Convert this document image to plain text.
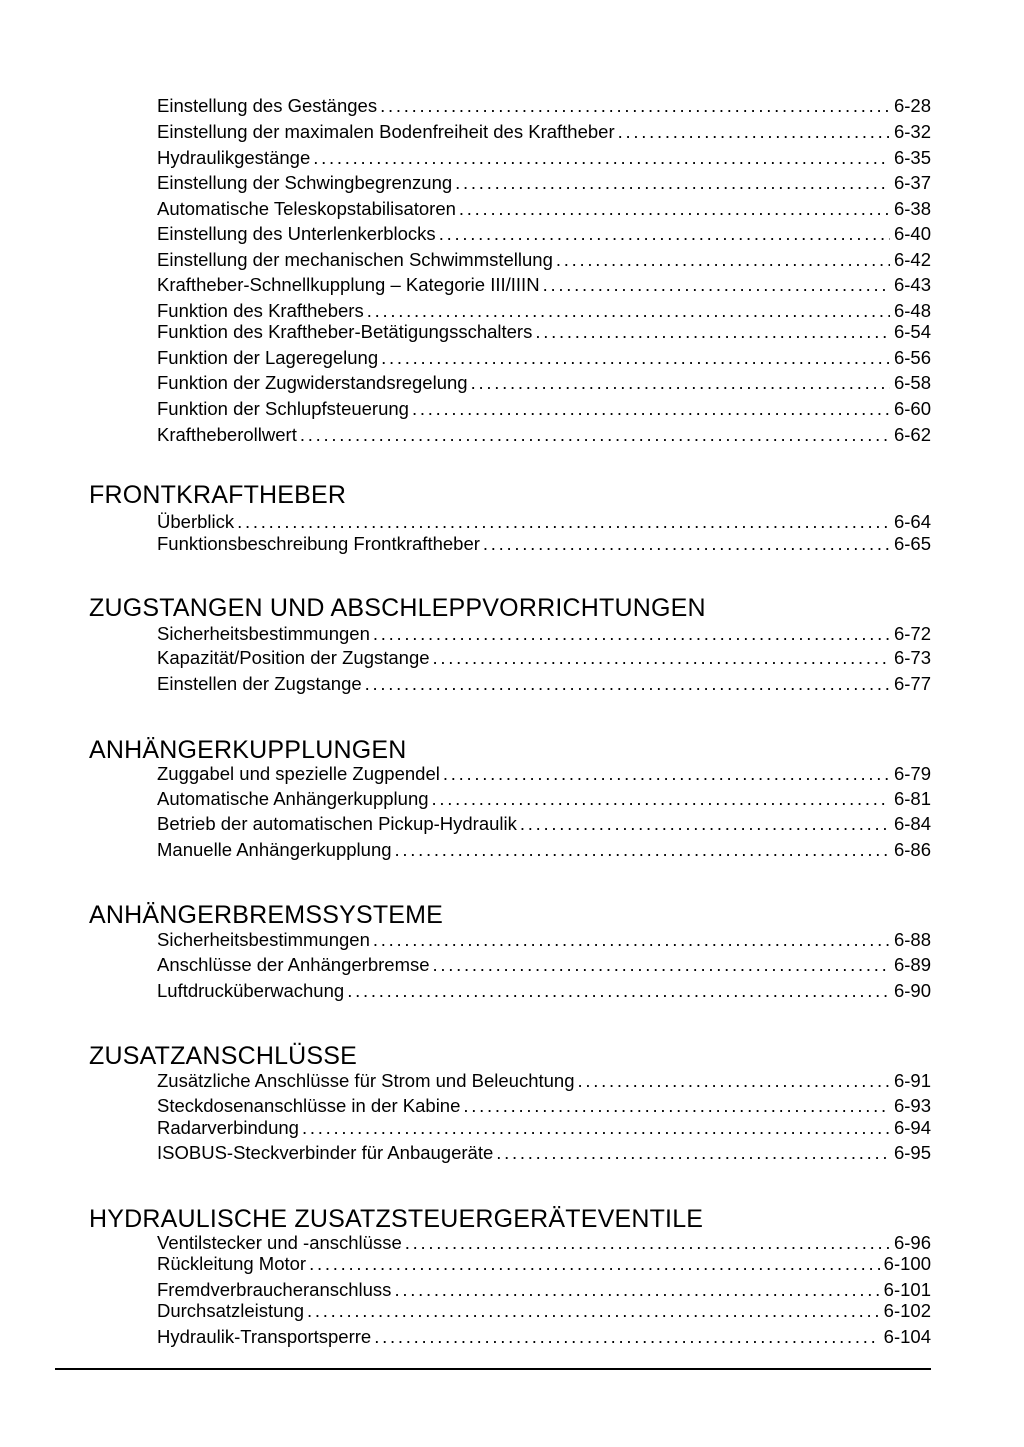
Einstellung des Gestänges . . .	6-28
Einstellung der maximalen Bodenfreiheit des Kraftheber . . .	6-32
Hydraulikgestänge . . .	6-35
Einstellung der Schwingbegrenzung . . .	6-37
Automatische Teleskopstabilisatoren . . .	6-38
Einstellung des Unterlenkerblocks . . .	6-40
Einstellung der mechanischen Schwimmstellung . . .	6-42
Kraftheber-Schnellkupplung – Kategorie III/IIIN . . .	6-43
Funktion des Krafthebers . . .	6-48
Funktion des Kraftheber-Betätigungsschalters . . .	6-54
Funktion der Lageregelung . . .	6-56
Funktion der Zugwiderstandsregelung . . .	6-58
Funktion der Schlupfsteuerung . . .	6-60
Kraftheberollwert . . .	6-62
FRONTKRAFTHEBER
Überblick . . .	6-64
Funktionsbeschreibung Frontkraftheber . . .	6-65
ZUGSTANGEN UND ABSCHLEPPVORRICHTUNGEN
Sicherheitsbestimmungen . . .	6-72
Kapazität/Position der Zugstange . . .	6-73
Einstellen der Zugstange . . .	6-77
ANHÄNGERKUPPLUNGEN
Zuggabel und spezielle Zugpendel . . .	6-79
Automatische Anhängerkupplung . . .	6-81
Betrieb der automatischen Pickup-Hydraulik . . .	6-84
Manuelle Anhängerkupplung . . .	6-86
ANHÄNGERBREMSSYSTEME
Sicherheitsbestimmungen . . .	6-88
Anschlüsse der Anhängerbremse . . .	6-89
Luftdrucküberwachung . . .	6-90
ZUSATZANSCHLÜSSE
Zusätzliche Anschlüsse für Strom und Beleuchtung . . .	6-91
Steckdosenanschlüsse in der Kabine . . .	6-93
Radarverbindung . . .	6-94
ISOBUS-Steckverbinder für Anbaugeräte . . .	6-95
HYDRAULISCHE ZUSATZSTEUERGERÄTEVENTILE
Ventilstecker und -anschlüsse . . .	6-96
Rückleitung Motor . . .	6-100
Fremdverbraucheranschluss . . .	6-101
Durchsatzleistung . . .	6-102
Hydraulik-Transportsperre . . .	6-104
